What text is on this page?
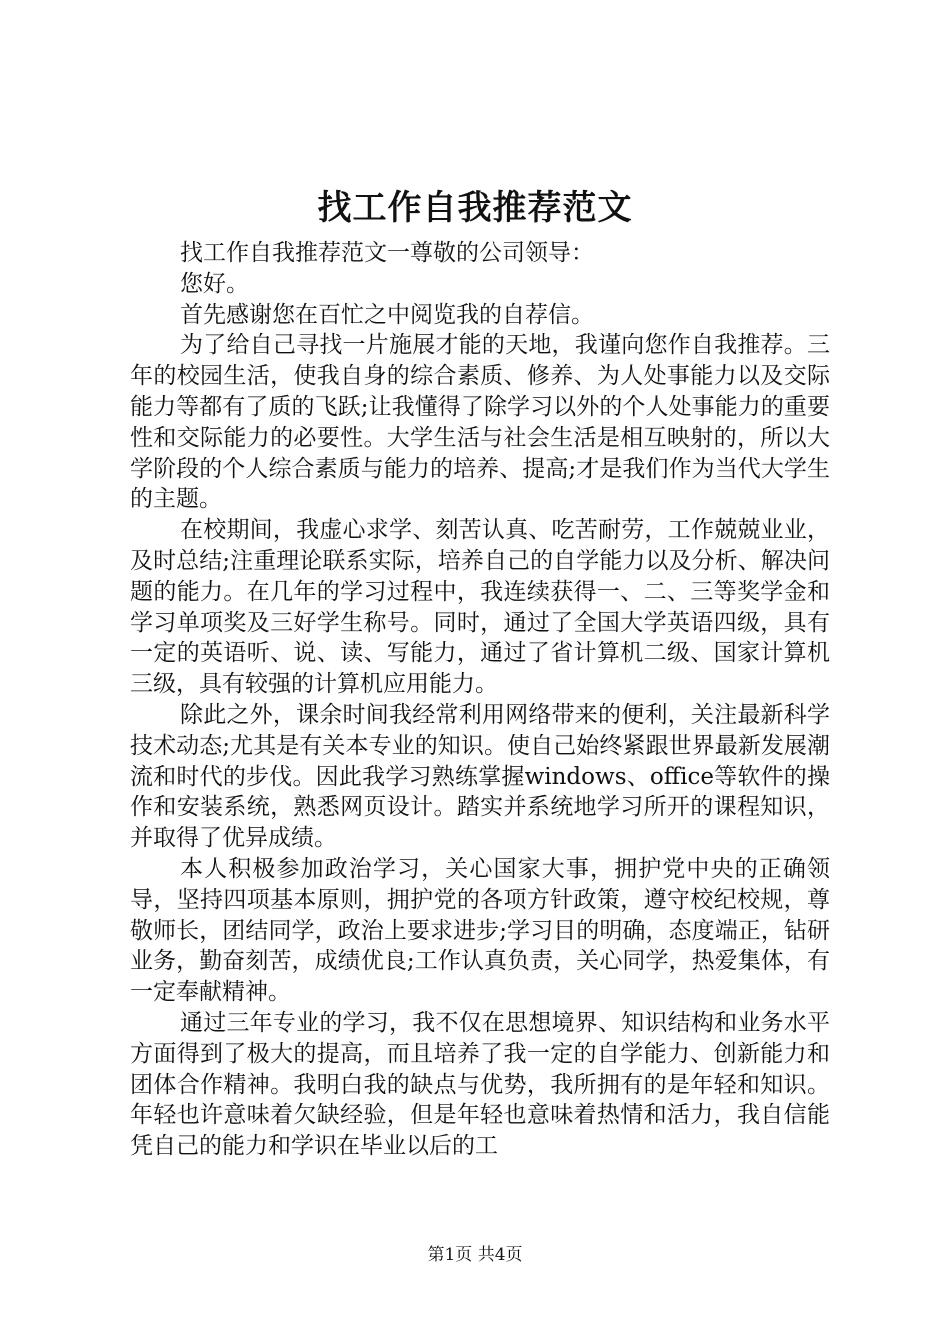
找工作自我推荐范文

找工作自我推荐范文一尊敬的公司领导：

您好。

首先感谢您在百忙之中阅览我的自荐信。

为了给自己寻找一片施展才能的天地，我谨向您作自我推荐。三年的校园生活，使我自身的综合素质、修养、为人处事能力以及交际能力等都有了质的飞跃;让我懂得了除学习以外的个人处事能力的重要性和交际能力的必要性。大学生活与社会生活是相互映射的，所以大学阶段的个人综合素质与能力的培养、提高;才是我们作为当代大学生的主题。

在校期间，我虚心求学、刻苦认真、吃苦耐劳，工作兢兢业业，及时总结;注重理论联系实际，培养自己的自学能力以及分析、解决问题的能力。在几年的学习过程中，我连续获得一、二、三等奖学金和学习单项奖及三好学生称号。同时，通过了全国大学英语四级，具有一定的英语听、说、读、写能力，通过了省计算机二级、国家计算机三级，具有较强的计算机应用能力。

除此之外，课余时间我经常利用网络带来的便利，关注最新科学技术动态;尤其是有关本专业的知识。使自己始终紧跟世界最新发展潮流和时代的步伐。因此我学习熟练掌握windows、office等软件的操作和安装系统，熟悉网页设计。踏实并系统地学习所开的课程知识，并取得了优异成绩。

本人积极参加政治学习，关心国家大事，拥护党中央的正确领导，坚持四项基本原则，拥护党的各项方针政策，遵守校纪校规，尊敬师长，团结同学，政治上要求进步;学习目的明确，态度端正，钻研业务，勤奋刻苦，成绩优良;工作认真负责，关心同学，热爱集体，有一定奉献精神。

通过三年专业的学习，我不仅在思想境界、知识结构和业务水平方面得到了极大的提高，而且培养了我一定的自学能力、创新能力和团体合作精神。我明白我的缺点与优势，我所拥有的是年轻和知识。年轻也许意味着欠缺经验，但是年轻也意味着热情和活力，我自信能凭自己的能力和学识在毕业以后的工

第1页 共4页
